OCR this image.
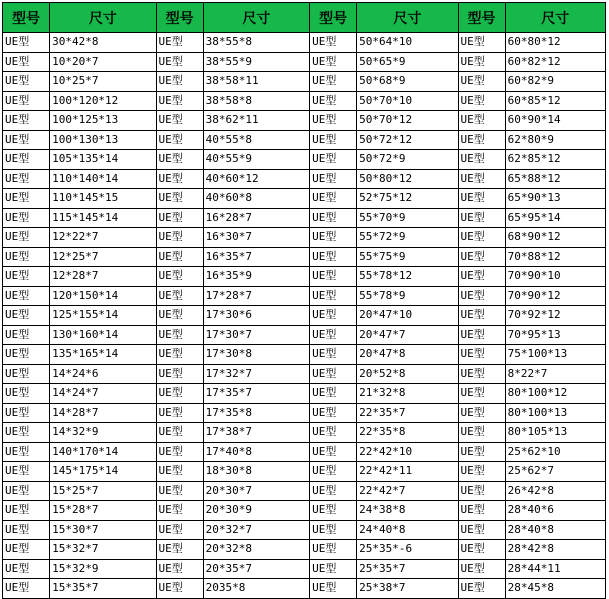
型号	尺寸	型号	尺寸	型号	尺寸	型号	尺寸
UE型	30*42*8	UE型	38*55*8	UE型	50*64*10	UE型	60*80*12
UE型	10*20*7	UE型	38*55*9	UE型	50*65*9	UE型	60*82*12
UE型	10*25*7	UE型	38*58*11	UE型	50*68*9	UE型	60*82*9
UE型	100*120*12	UE型	38*58*8	UE型	50*70*10	UE型	60*85*12
UE型	100*125*13	UE型	38*62*11	UE型	50*70*12	UE型	60*90*14
UE型	100*130*13	UE型	40*55*8	UE型	50*72*12	UE型	62*80*9
UE型	105*135*14	UE型	40*55*9	UE型	50*72*9	UE型	62*85*12
UE型	110*140*14	UE型	40*60*12	UE型	50*80*12	UE型	65*88*12
UE型	110*145*15	UE型	40*60*8	UE型	52*75*12	UE型	65*90*13
UE型	115*145*14	UE型	16*28*7	UE型	55*70*9	UE型	65*95*14
UE型	12*22*7	UE型	16*30*7	UE型	55*72*9	UE型	68*90*12
UE型	12*25*7	UE型	16*35*7	UE型	55*75*9	UE型	70*88*12
UE型	12*28*7	UE型	16*35*9	UE型	55*78*12	UE型	70*90*10
UE型	120*150*14	UE型	17*28*7	UE型	55*78*9	UE型	70*90*12
UE型	125*155*14	UE型	17*30*6	UE型	20*47*10	UE型	70*92*12
UE型	130*160*14	UE型	17*30*7	UE型	20*47*7	UE型	70*95*13
UE型	135*165*14	UE型	17*30*8	UE型	20*47*8	UE型	75*100*13
UE型	14*24*6	UE型	17*32*7	UE型	20*52*8	UE型	8*22*7
UE型	14*24*7	UE型	17*35*7	UE型	21*32*8	UE型	80*100*12
UE型	14*28*7	UE型	17*35*8	UE型	22*35*7	UE型	80*100*13
UE型	14*32*9	UE型	17*38*7	UE型	22*35*8	UE型	80*105*13
UE型	140*170*14	UE型	17*40*8	UE型	22*42*10	UE型	25*62*10
UE型	145*175*14	UE型	18*30*8	UE型	22*42*11	UE型	25*62*7
UE型	15*25*7	UE型	20*30*7	UE型	22*42*7	UE型	26*42*8
UE型	15*28*7	UE型	20*30*9	UE型	24*38*8	UE型	28*40*6
UE型	15*30*7	UE型	20*32*7	UE型	24*40*8	UE型	28*40*8
UE型	15*32*7	UE型	20*32*8	UE型	25*35*-6	UE型	28*42*8
UE型	15*32*9	UE型	20*35*7	UE型	25*35*7	UE型	28*44*11
UE型	15*35*7	UE型	2035*8	UE型	25*38*7	UE型	28*45*8
